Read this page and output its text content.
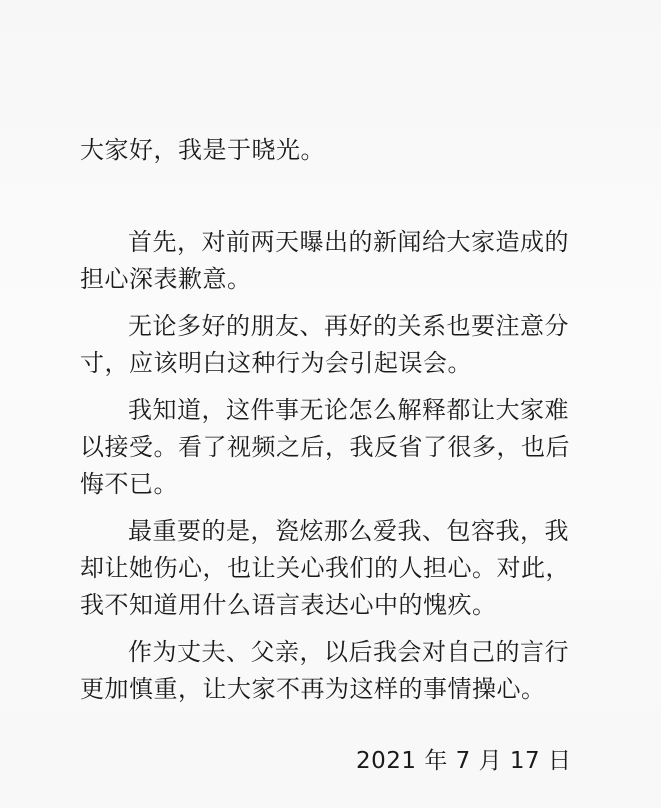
大家好，我是于晓光。

首先，对前两天曝出的新闻给大家造成的担心深表歉意。

无论多好的朋友、再好的关系也要注意分寸，应该明白这种行为会引起误会。

我知道，这件事无论怎么解释都让大家难以接受。看了视频之后，我反省了很多，也后悔不已。

最重要的是，瓷炫那么爱我、包容我，我却让她伤心，也让关心我们的人担心。对此，我不知道用什么语言表达心中的愧疚。

作为丈夫、父亲，以后我会对自己的言行更加慎重，让大家不再为这样的事情操心。

2021 年 7 月 17 日
